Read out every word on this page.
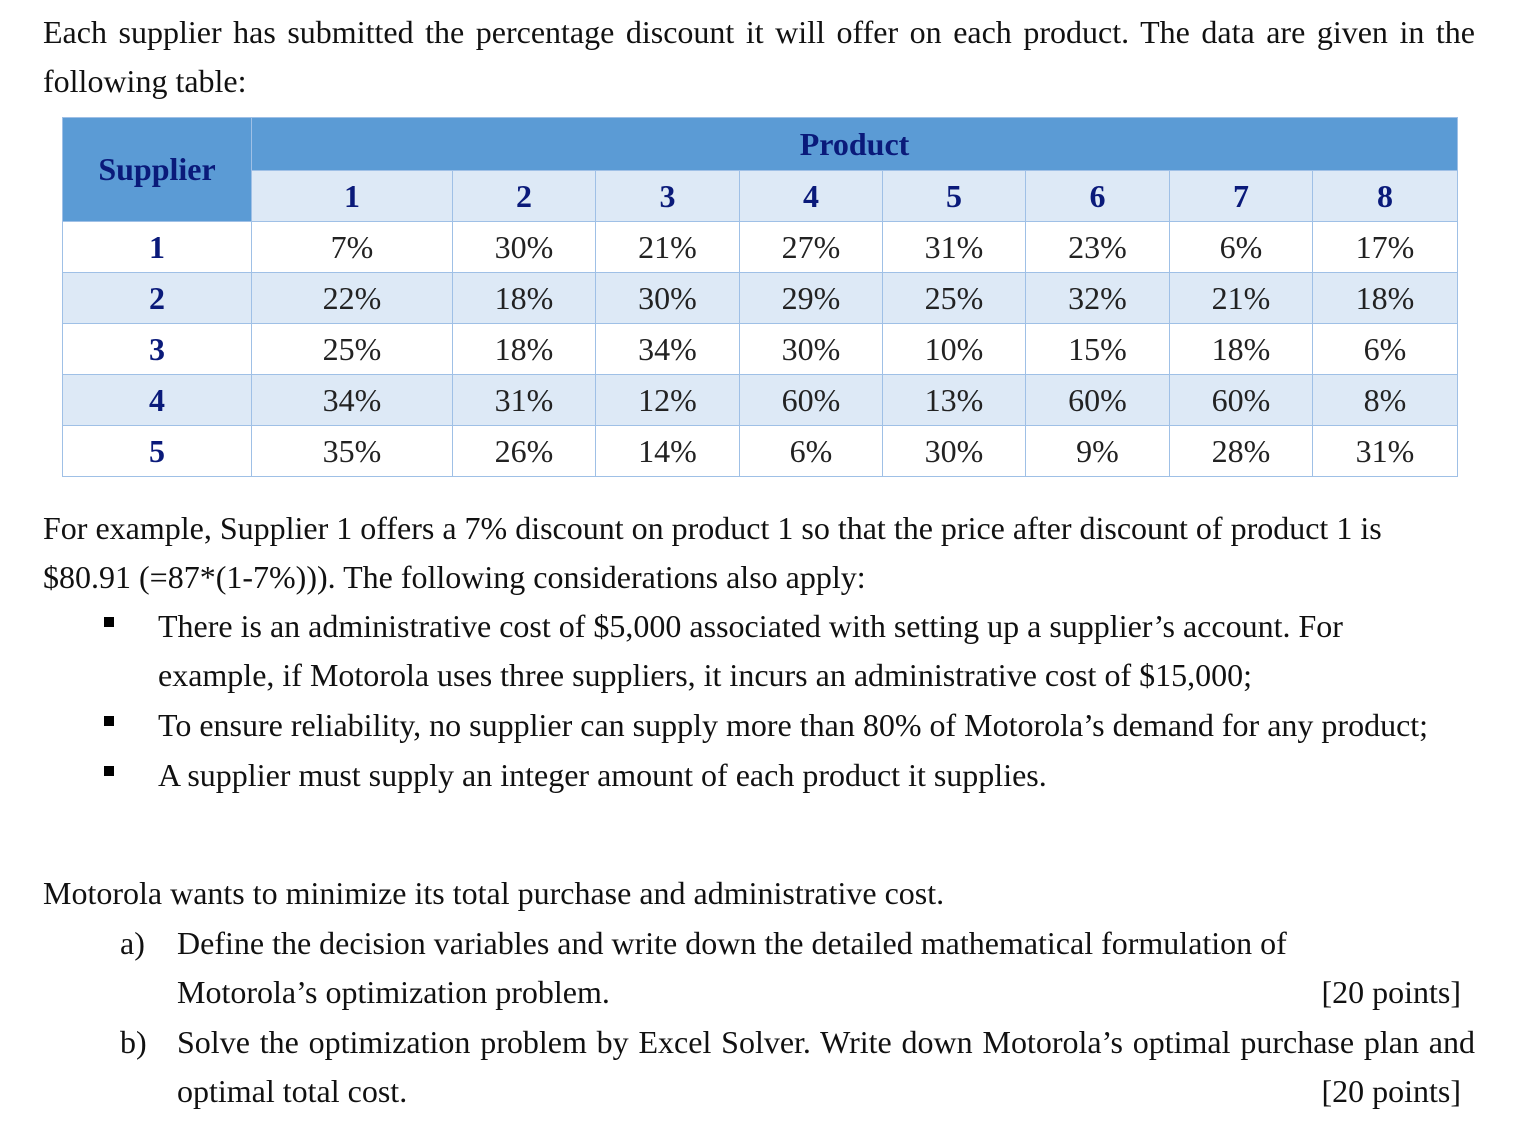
Each supplier has submitted the percentage discount it will offer on each product. The data are given in the following table:

Supplier	Product							
	1	2	3	4	5	6	7	8
1	7%	30%	21%	27%	31%	23%	6%	17%
2	22%	18%	30%	29%	25%	32%	21%	18%
3	25%	18%	34%	30%	10%	15%	18%	6%
4	34%	31%	12%	60%	13%	60%	60%	8%
5	35%	26%	14%	6%	30%	9%	28%	31%

For example, Supplier 1 offers a 7% discount on product 1 so that the price after discount of product 1 is $80.91 (=87*(1-7%))). The following considerations also apply:

There is an administrative cost of $5,000 associated with setting up a supplier’s account. For example, if Motorola uses three suppliers, it incurs an administrative cost of $15,000;
To ensure reliability, no supplier can supply more than 80% of Motorola’s demand for any product;
A supplier must supply an integer amount of each product it supplies.

Motorola wants to minimize its total purchase and administrative cost.

a) Define the decision variables and write down the detailed mathematical formulation of Motorola’s optimization problem.	[20 points]
b) Solve the optimization problem by Excel Solver. Write down Motorola’s optimal purchase plan and optimal total cost.	[20 points]
